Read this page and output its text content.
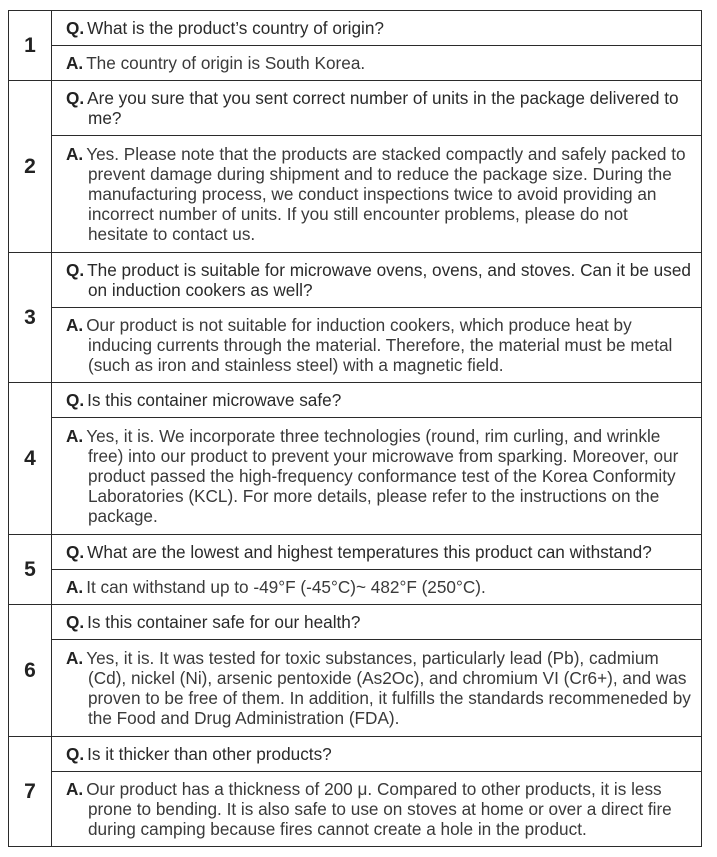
1	Q. What is the product’s country of origin?

	A. The country of origin is South Korea.

2	Q. Are you sure that you sent correct number of units in the package delivered to me?

	A. Yes. Please note that the products are stacked compactly and safely packed to prevent damage during shipment and to reduce the package size. During the manufacturing process, we conduct inspections twice to avoid providing an incorrect number of units. If you still encounter problems, please do not hesitate to contact us.

3	Q. The product is suitable for microwave ovens, ovens, and stoves. Can it be used on induction cookers as well?

	A. Our product is not suitable for induction cookers, which produce heat by inducing currents through the material. Therefore, the material must be metal (such as iron and stainless steel) with a magnetic field.

4	Q. Is this container microwave safe?

	A. Yes, it is. We incorporate three technologies (round, rim curling, and wrinkle free) into our product to prevent your microwave from sparking. Moreover, our product passed the high-frequency conformance test of the Korea Conformity Laboratories (KCL). For more details, please refer to the instructions on the package.

5	Q. What are the lowest and highest temperatures this product can withstand?

	A. It can withstand up to -49°F (-45°C)~ 482°F (250°C).

6	Q. Is this container safe for our health?

	A. Yes, it is. It was tested for toxic substances, particularly lead (Pb), cadmium (Cd), nickel (Ni), arsenic pentoxide (As2Oc), and chromium VI (Cr6+), and was proven to be free of them. In addition, it fulfills the standards recommeneded by the Food and Drug Administration (FDA).

7	Q. Is it thicker than other products?

	A. Our product has a thickness of 200 μ. Compared to other products, it is less prone to bending. It is also safe to use on stoves at home or over a direct fire during camping because fires cannot create a hole in the product.
